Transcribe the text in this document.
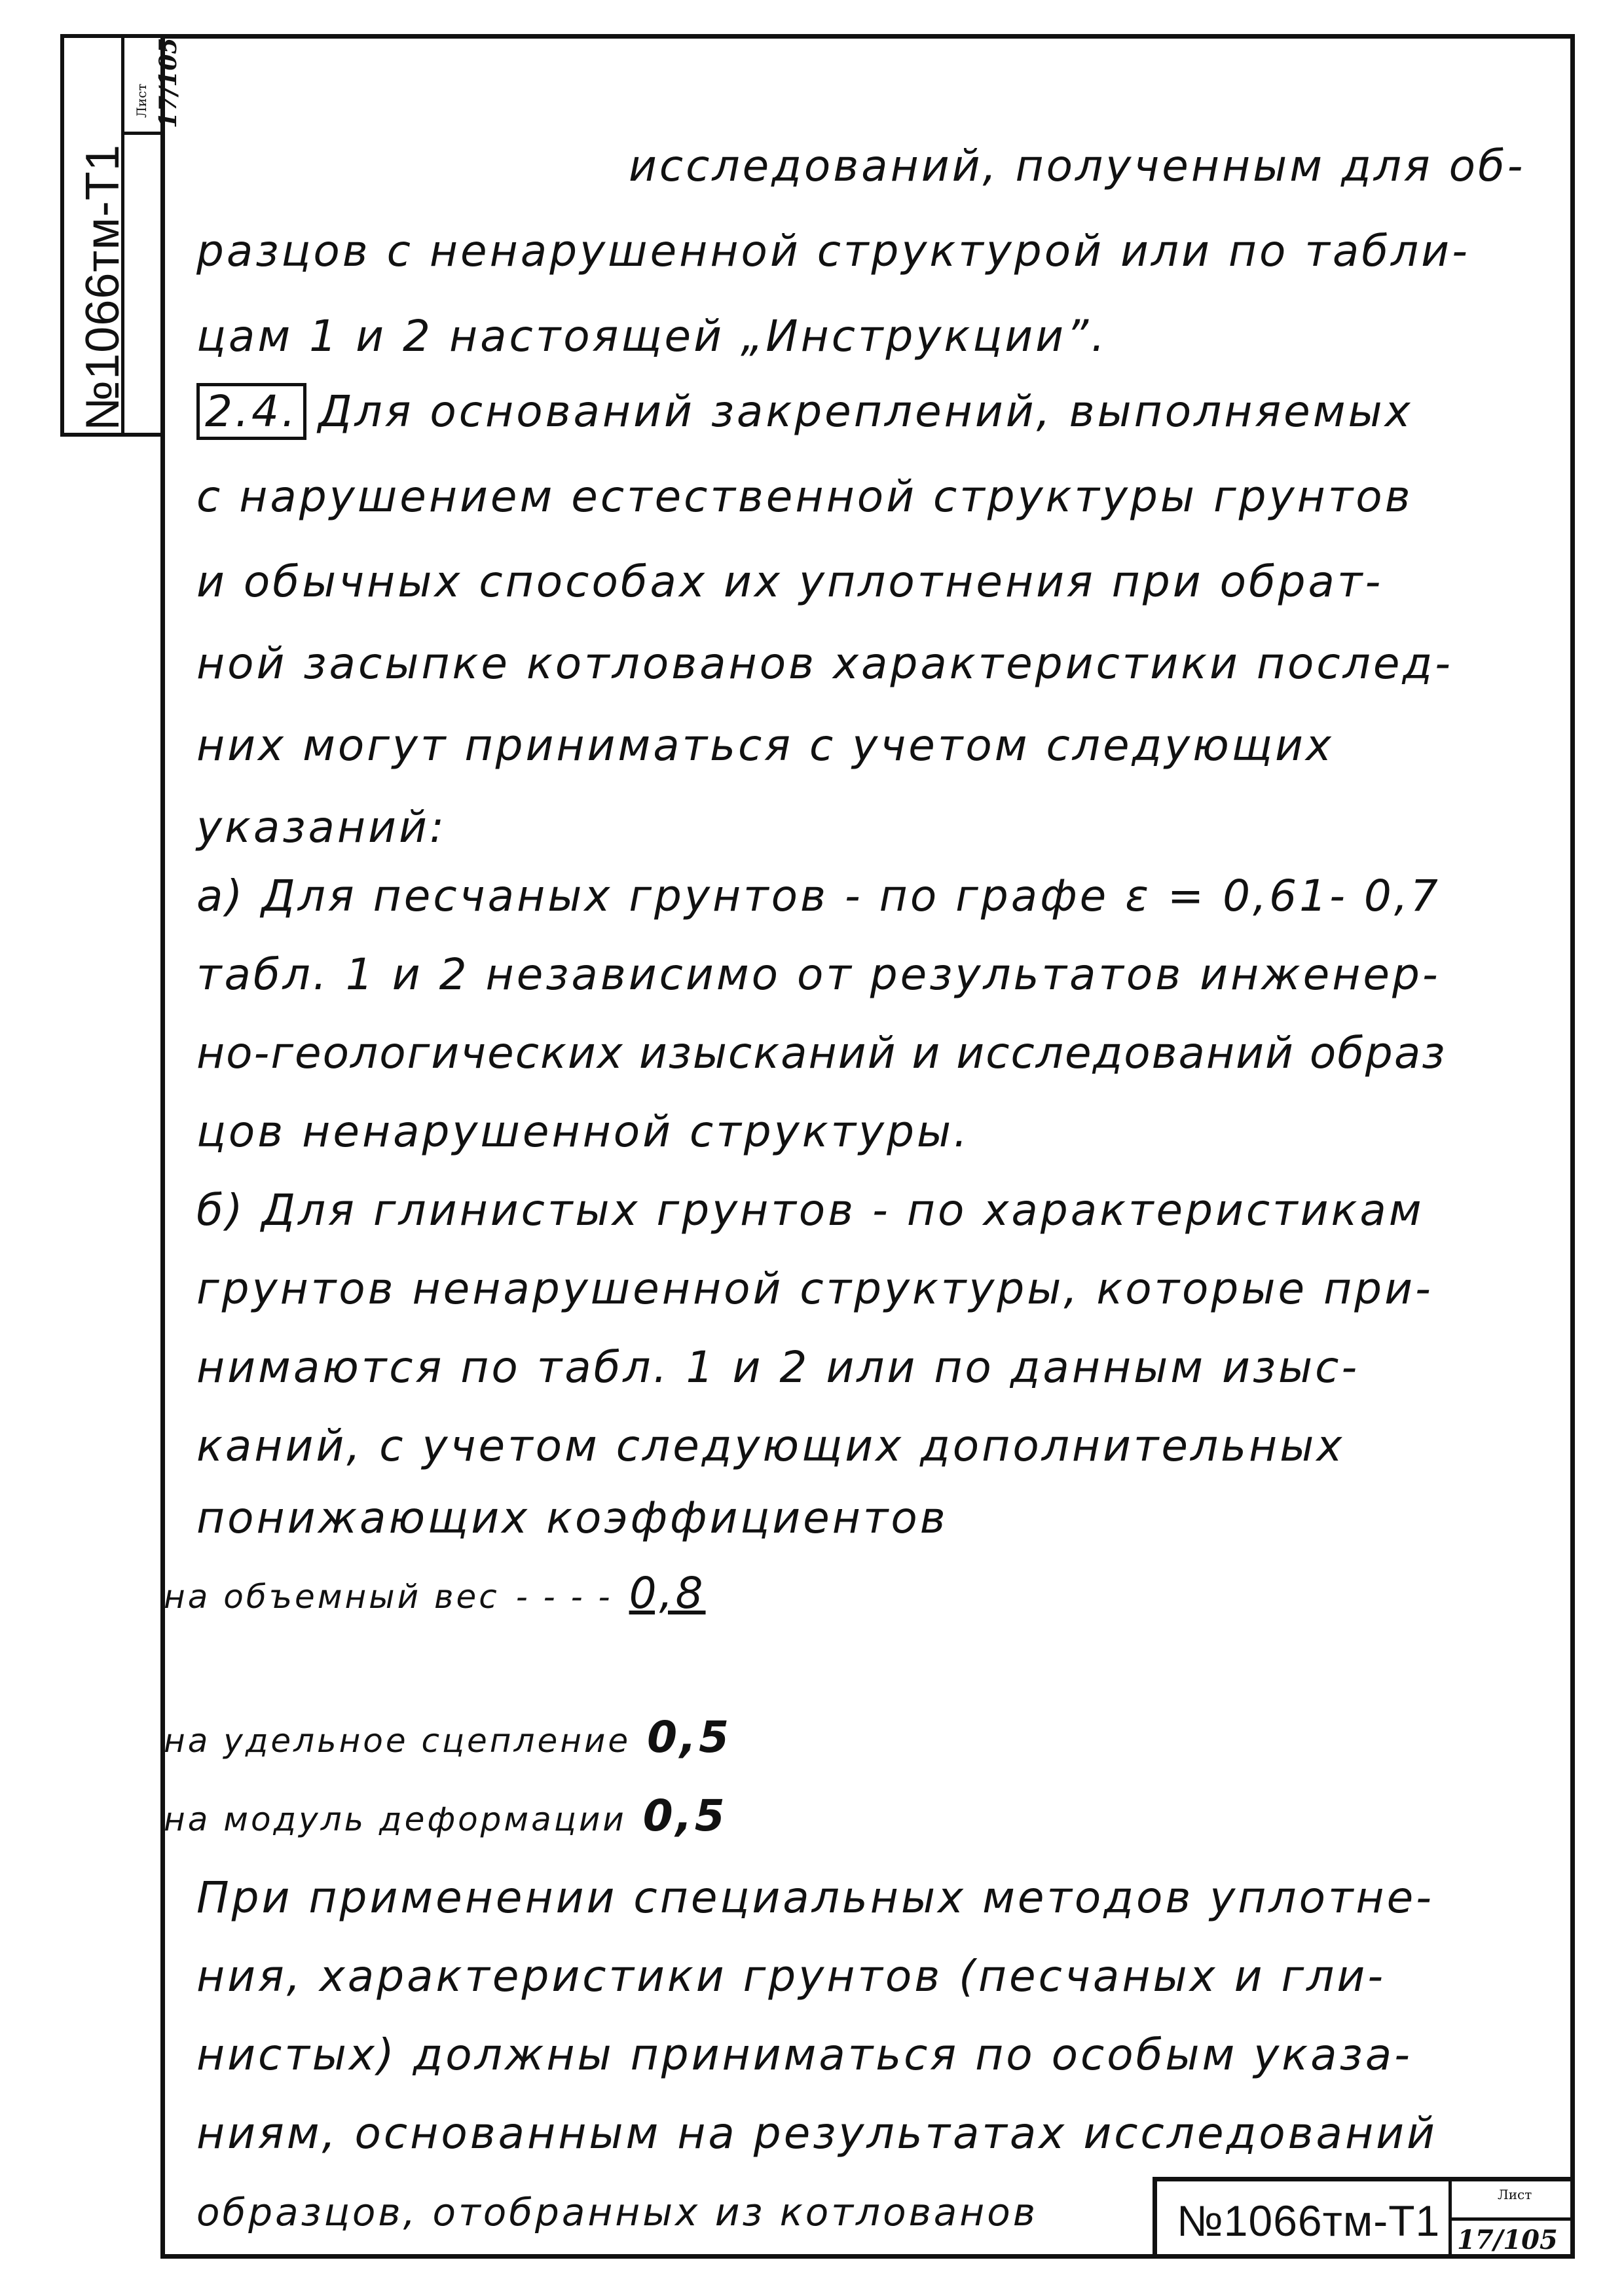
№1066тм-Т1
Лист 17/105
исследований, полученным для об-
разцов с ненарушенной структурой или по табли-
цам 1 и 2 настоящей „Инструкции”.
2.4. Для оснований закреплений, выполняемых
с нарушением естественной структуры грунтов
и обычных способах их уплотнения при обрат-
ной засыпке котлованов характеристики послед-
них могут приниматься с учетом следующих
указаний:
а) Для песчаных грунтов - по графе ε = 0,61- 0,7
табл. 1 и 2 независимо от результатов инженер-
но-геологических изысканий и исследований образ
цов ненарушенной структуры.
б) Для глинистых грунтов - по характеристикам
грунтов ненарушенной структуры, которые при-
нимаются по табл. 1 и 2 или по данным изыс-
каний, с учетом следующих дополнительных
понижающих коэффициентов
на объемный вес - - - - 0,8
на удельное сцепление 0,5
на модуль деформации 0,5
При применении специальных методов уплотне-
ния, характеристики грунтов (песчаных и гли-
нистых) должны приниматься по особым указа-
ниям, основанным на результатах исследований
образцов, отобранных из котлованов	№1066тм-Т1
Лист
17/105
